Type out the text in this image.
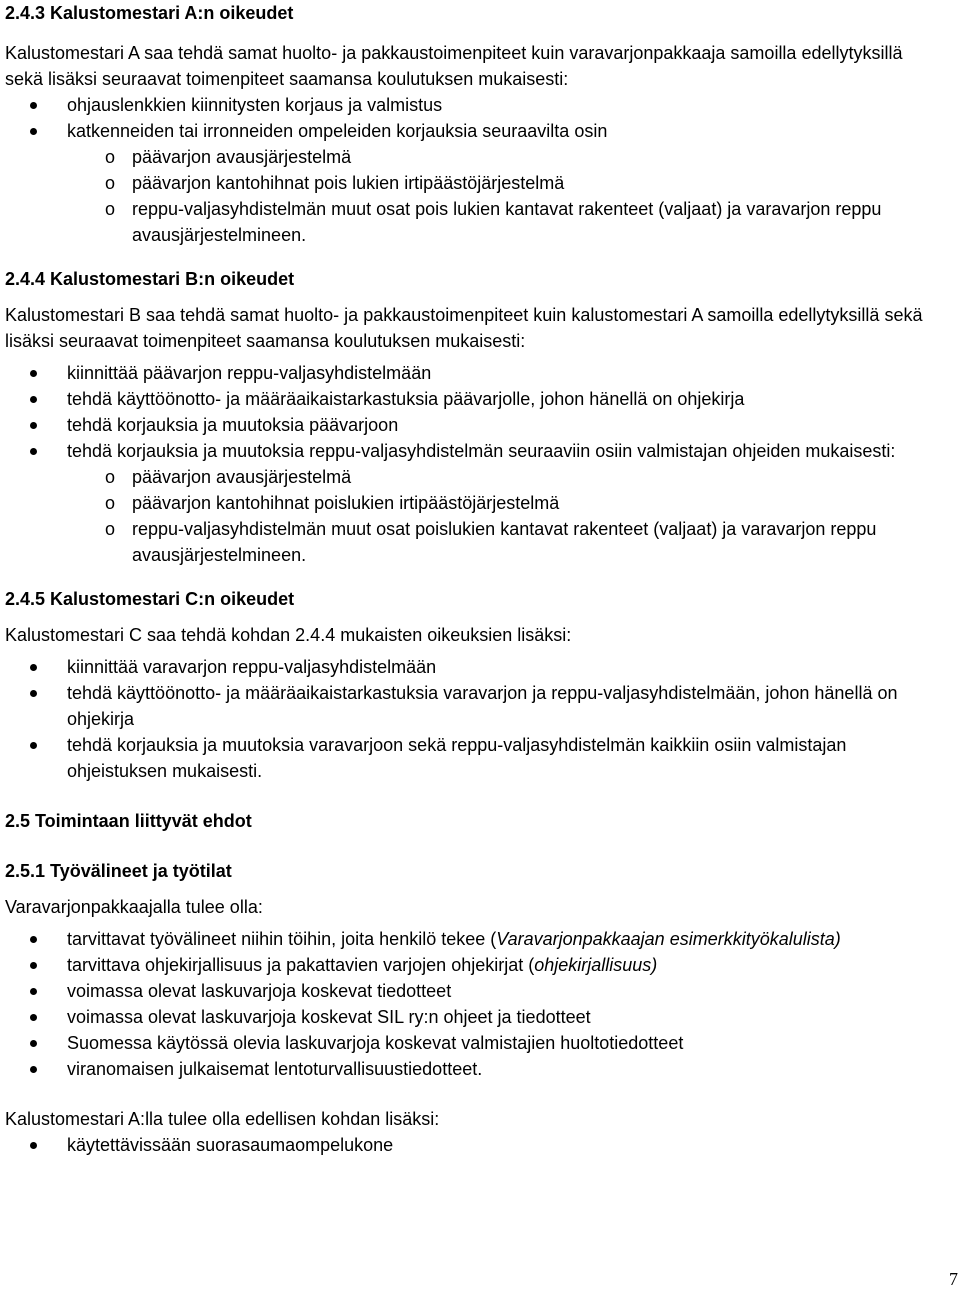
2.4.3 Kalustomestari A:n oikeudet

Kalustomestari A saa tehdä samat huolto- ja pakkaustoimenpiteet kuin varavarjonpakkaaja samoilla edellytyksillä sekä lisäksi seuraavat toimenpiteet saamansa koulutuksen mukaisesti:

ohjauslenkkien kiinnitysten korjaus ja valmistus
katkenneiden tai irronneiden ompeleiden korjauksia seuraavilta osin
o päävarjon avausjärjestelmä
o päävarjon kantohihnat pois lukien irtipäästöjärjestelmä
o reppu-valjasyhdistelmän muut osat pois lukien kantavat rakenteet (valjaat) ja varavarjon reppu avausjärjestelmineen.
2.4.4 Kalustomestari B:n oikeudet

Kalustomestari B saa tehdä samat huolto- ja pakkaustoimenpiteet kuin kalustomestari A samoilla edellytyksillä sekä lisäksi seuraavat toimenpiteet saamansa koulutuksen mukaisesti:

kiinnittää päävarjon reppu-valjasyhdistelmään
tehdä käyttöönotto- ja määräaikaistarkastuksia päävarjolle, johon hänellä on ohjekirja
tehdä korjauksia ja muutoksia päävarjoon
tehdä korjauksia ja muutoksia reppu-valjasyhdistelmän seuraaviin osiin valmistajan ohjeiden mukaisesti:
o päävarjon avausjärjestelmä
o päävarjon kantohihnat poislukien irtipäästöjärjestelmä
o reppu-valjasyhdistelmän muut osat poislukien kantavat rakenteet (valjaat) ja varavarjon reppu avausjärjestelmineen.
2.4.5 Kalustomestari C:n oikeudet

Kalustomestari C saa tehdä kohdan 2.4.4 mukaisten oikeuksien lisäksi:

kiinnittää varavarjon reppu-valjasyhdistelmään
tehdä käyttöönotto- ja määräaikaistarkastuksia varavarjon ja reppu-valjasyhdistelmään, johon hänellä on ohjekirja
tehdä korjauksia ja muutoksia varavarjoon sekä reppu-valjasyhdistelmän kaikkiin osiin valmistajan ohjeistuksen mukaisesti.
2.5 Toimintaan liittyvät ehdot
2.5.1 Työvälineet ja työtilat

Varavarjonpakkaajalla tulee olla:

tarvittavat työvälineet niihin töihin, joita henkilö tekee (Varavarjonpakkaajan esimerkkityökalulista)
tarvittava ohjekirjallisuus ja pakattavien varjojen ohjekirjat (ohjekirjallisuus)
voimassa olevat laskuvarjoja koskevat tiedotteet
voimassa olevat laskuvarjoja koskevat SIL ry:n ohjeet ja tiedotteet
Suomessa käytössä olevia laskuvarjoja koskevat valmistajien huoltotiedotteet
viranomaisen julkaisemat lentoturvallisuustiedotteet.

Kalustomestari A:lla tulee olla edellisen kohdan lisäksi:

käytettävissään suorasaumaompelukone
7
